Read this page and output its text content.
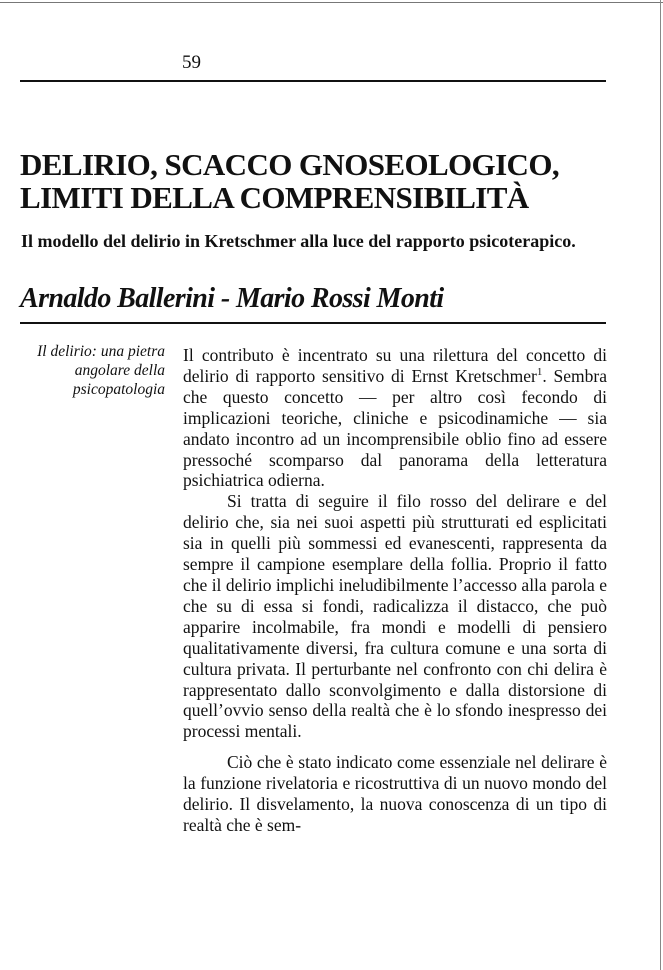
59
DELIRIO, SCACCO GNOSEOLOGICO, LIMITI DELLA COMPRENSIBILITÀ
Il modello del delirio in Kretschmer alla luce del rapporto psicoterapico.
Arnaldo Ballerini - Mario Rossi Monti
Il delirio: una pietra angolare della psicopatologia

Il contributo è incentrato su una rilettura del concetto di delirio di rapporto sensitivo di Ernst Kretschmer$^1$. Sembra che questo concetto — per altro così fecondo di implicazioni teoriche, cliniche e psicodinamiche — sia andato incontro ad un incomprensibile oblio fino ad essere pressoché scomparso dal panorama della letteratura psichiatrica odierna.

Si tratta di seguire il filo rosso del delirare e del delirio che, sia nei suoi aspetti più strutturati ed esplicitati sia in quelli più sommessi ed evanescenti, rappresenta da sempre il campione esemplare della follia. Proprio il fatto che il delirio implichi ineludibilmente l’accesso alla parola e che su di essa si fondi, radicalizza il distacco, che può apparire incolmabile, fra mondi e modelli di pensiero qualitativamente diversi, fra cultura comune e una sorta di cultura privata. Il perturbante nel confronto con chi delira è rappresentato dallo sconvolgimento e dalla distorsione di quell’ovvio senso della realtà che è lo sfondo inespresso dei processi mentali.

Ciò che è stato indicato come essenziale nel delirare è la funzione rivelatoria e ricostruttiva di un nuovo mondo del delirio. Il disvelamento, la nuova conoscenza di un tipo di realtà che è sem-
